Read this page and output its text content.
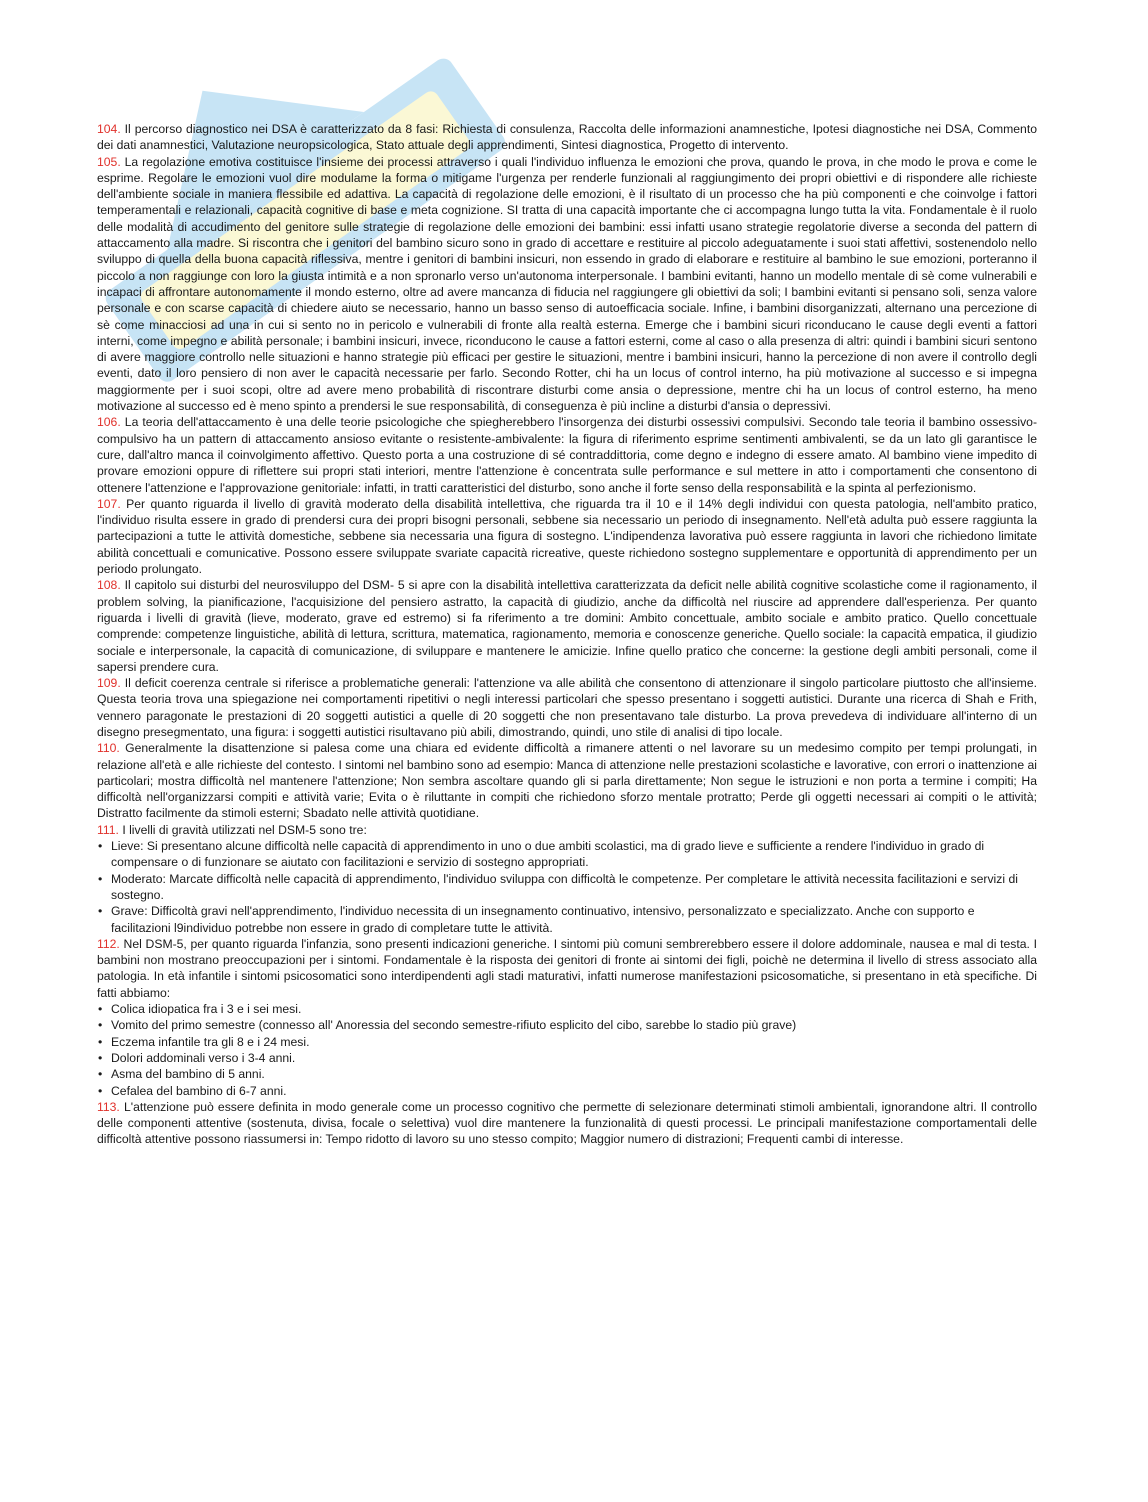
104. Il percorso diagnostico nei DSA è caratterizzato da 8 fasi: Richiesta di consulenza, Raccolta delle informazioni anamnestiche, Ipotesi diagnostiche nei DSA, Commento dei dati anamnestici, Valutazione neuropsicologica, Stato attuale degli apprendimenti, Sintesi diagnostica, Progetto di intervento.

105. La regolazione emotiva costituisce l'insieme dei processi attraverso i quali l'individuo influenza le emozioni che prova, quando le prova, in che modo le prova e come le esprime. Regolare le emozioni vuol dire modulame la forma o mitigame l'urgenza per renderle funzionali al raggiungimento dei propri obiettivi e di rispondere alle richieste dell'ambiente sociale in maniera flessibile ed adattiva. La capacità di regolazione delle emozioni, è il risultato di un processo che ha più componenti e che coinvolge i fattori temperamentali e relazionali, capacità cognitive di base e meta cognizione. SI tratta di una capacità importante che ci accompagna lungo tutta la vita. Fondamentale è il ruolo delle modalità di accudimento del genitore sulle strategie di regolazione delle emozioni dei bambini: essi infatti usano strategie regolatorie diverse a seconda del pattern di attaccamento alla madre. Si riscontra che i genitori del bambino sicuro sono in grado di accettare e restituire al piccolo adeguatamente i suoi stati affettivi, sostenendolo nello sviluppo di quella della buona capacità riflessiva, mentre i genitori di bambini insicuri, non essendo in grado di elaborare e restituire al bambino le sue emozioni, porteranno il piccolo a non raggiunge con loro la giusta intimità e a non spronarlo verso un'autonoma interpersonale. I bambini evitanti, hanno un modello mentale di sè come vulnerabili e incapaci di affrontare autonomamente il mondo esterno, oltre ad avere mancanza di fiducia nel raggiungere gli obiettivi da soli; I bambini evitanti si pensano soli, senza valore personale e con scarse capacità di chiedere aiuto se necessario, hanno un basso senso di autoefficacia sociale. Infine, i bambini disorganizzati, alternano una percezione di sè come minacciosi ad una in cui si sento no in pericolo e vulnerabili di fronte alla realtà esterna. Emerge che i bambini sicuri riconducano le cause degli eventi a fattori interni, come impegno e abilità personale; i bambini insicuri, invece, riconducono le cause a fattori esterni, come al caso o alla presenza di altri: quindi i bambini sicuri sentono di avere maggiore controllo nelle situazioni e hanno strategie più efficaci per gestire le situazioni, mentre i bambini insicuri, hanno la percezione di non avere il controllo degli eventi, dato il loro pensiero di non aver le capacità necessarie per farlo. Secondo Rotter, chi ha un locus of control interno, ha più motivazione al successo e si impegna maggiormente per i suoi scopi, oltre ad avere meno probabilità di riscontrare disturbi come ansia o depressione, mentre chi ha un locus of control esterno, ha meno motivazione al successo ed è meno spinto a prendersi le sue responsabilità, di conseguenza è più incline a disturbi d'ansia o depressivi.

106. La teoria dell'attaccamento è una delle teorie psicologiche che spiegherebbero l'insorgenza dei disturbi ossessivi compulsivi. Secondo tale teoria il bambino ossessivo-compulsivo ha un pattern di attaccamento ansioso evitante o resistente-ambivalente: la figura di riferimento esprime sentimenti ambivalenti, se da un lato gli garantisce le cure, dall'altro manca il coinvolgimento affettivo. Questo porta a una costruzione di sé contraddittoria, come degno e indegno di essere amato. Al bambino viene impedito di provare emozioni oppure di riflettere sui propri stati interiori, mentre l'attenzione è concentrata sulle performance e sul mettere in atto i comportamenti che consentono di ottenere l'attenzione e l'approvazione genitoriale: infatti, in tratti caratteristici del disturbo, sono anche il forte senso della responsabilità e la spinta al perfezionismo.

107. Per quanto riguarda il livello di gravità moderato della disabilità intellettiva, che riguarda tra il 10 e il 14% degli individui con questa patologia, nell'ambito pratico, l'individuo risulta essere in grado di prendersi cura dei propri bisogni personali, sebbene sia necessario un periodo di insegnamento. Nell'età adulta può essere raggiunta la partecipazioni a tutte le attività domestiche, sebbene sia necessaria una figura di sostegno. L'indipendenza lavorativa può essere raggiunta in lavori che richiedono limitate abilità concettuali e comunicative. Possono essere sviluppate svariate capacità ricreative, queste richiedono sostegno supplementare e opportunità di apprendimento per un periodo prolungato.

108. Il capitolo sui disturbi del neurosviluppo del DSM- 5 si apre con la disabilità intellettiva caratterizzata da deficit nelle abilità cognitive scolastiche come il ragionamento, il problem solving, la pianificazione, l'acquisizione del pensiero astratto, la capacità di giudizio, anche da difficoltà nel riuscire ad apprendere dall'esperienza. Per quanto riguarda i livelli di gravità (lieve, moderato, grave ed estremo) si fa riferimento a tre domini: Ambito concettuale, ambito sociale e ambito pratico. Quello concettuale comprende: competenze linguistiche, abilità di lettura, scrittura, matematica, ragionamento, memoria e conoscenze generiche. Quello sociale: la capacità empatica, il giudizio sociale e interpersonale, la capacità di comunicazione, di sviluppare e mantenere le amicizie. Infine quello pratico che concerne: la gestione degli ambiti personali, come il sapersi prendere cura.

109. Il deficit coerenza centrale si riferisce a problematiche generali: l'attenzione va alle abilità che consentono di attenzionare il singolo particolare piuttosto che all'insieme. Questa teoria trova una spiegazione nei comportamenti ripetitivi o negli interessi particolari che spesso presentano i soggetti autistici. Durante una ricerca di Shah e Frith, vennero paragonate le prestazioni di 20 soggetti autistici a quelle di 20 soggetti che non presentavano tale disturbo. La prova prevedeva di individuare all'interno di un disegno presegmentato, una figura: i soggetti autistici risultavano più abili, dimostrando, quindi, uno stile di analisi di tipo locale.

110. Generalmente la disattenzione si palesa come una chiara ed evidente difficoltà a rimanere attenti o nel lavorare su un medesimo compito per tempi prolungati, in relazione all'età e alle richieste del contesto. I sintomi nel bambino sono ad esempio: Manca di attenzione nelle prestazioni scolastiche e lavorative, con errori o inattenzione ai particolari; mostra difficoltà nel mantenere l'attenzione; Non sembra ascoltare quando gli si parla direttamente; Non segue le istruzioni e non porta a termine i compiti; Ha difficoltà nell'organizzarsi compiti e attività varie; Evita o è riluttante in compiti che richiedono sforzo mentale protratto; Perde gli oggetti necessari ai compiti o le attività; Distratto facilmente da stimoli esterni; Sbadato nelle attività quotidiane.

111. I livelli di gravità utilizzati nel DSM-5 sono tre:

• Lieve: Si presentano alcune difficoltà nelle capacità di apprendimento in uno o due ambiti scolastici, ma di grado lieve e sufficiente a rendere l'individuo in grado di compensare o di funzionare se aiutato con facilitazioni e servizio di sostegno appropriati.
• Moderato: Marcate difficoltà nelle capacità di apprendimento, l'individuo sviluppa con difficoltà le competenze. Per completare le attività necessita facilitazioni e servizi di sostegno.
• Grave: Difficoltà gravi nell'apprendimento, l'individuo necessita di un insegnamento continuativo, intensivo, personalizzato e specializzato. Anche con supporto e facilitazioni l9individuo potrebbe non essere in grado di completare tutte le attività.

112. Nel DSM-5, per quanto riguarda l'infanzia, sono presenti indicazioni generiche. I sintomi più comuni sembrerebbero essere il dolore addominale, nausea e mal di testa. I bambini non mostrano preoccupazioni per i sintomi. Fondamentale è la risposta dei genitori di fronte ai sintomi dei figli, poichè ne determina il livello di stress associato alla patologia. In età infantile i sintomi psicosomatici sono interdipendenti agli stadi maturativi, infatti numerose manifestazioni psicosomatiche, si presentano in età specifiche. Di fatti abbiamo:

• Colica idiopatica fra i 3 e i sei mesi.
• Vomito del primo semestre (connesso all' Anoressia del secondo semestre-rifiuto esplicito del cibo, sarebbe lo stadio più grave)
• Eczema infantile tra gli 8 e i 24 mesi.
• Dolori addominali verso i 3-4 anni.
• Asma del bambino di 5 anni.
• Cefalea del bambino di 6-7 anni.

113. L'attenzione può essere definita in modo generale come un processo cognitivo che permette di selezionare determinati stimoli ambientali, ignorandone altri. Il controllo delle componenti attentive (sostenuta, divisa, focale o selettiva) vuol dire mantenere la funzionalità di questi processi. Le principali manifestazione comportamentali delle difficoltà attentive possono riassumersi in: Tempo ridotto di lavoro su uno stesso compito; Maggior numero di distrazioni; Frequenti cambi di interesse.
